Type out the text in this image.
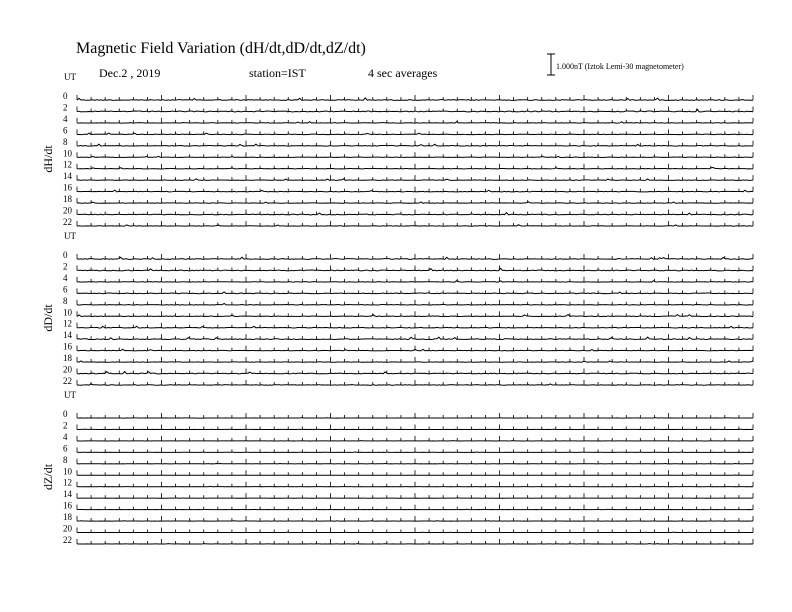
Magnetic Field Variation (dH/dt,dD/dt,dZ/dt)
Dec.2 , 2019	station=IST	4 sec averages	1.000nT (Iztok Lemi-30 magnetometer)
UT
dH/dt
0
2
4
6
8
10
12
14
16
18
20
22
UT
dD/dt
0
2
4
6
8
10
12
14
16
18
20
22
UT
dZ/dt
0
2
4
6
8
10
12
14
16
18
20
22
